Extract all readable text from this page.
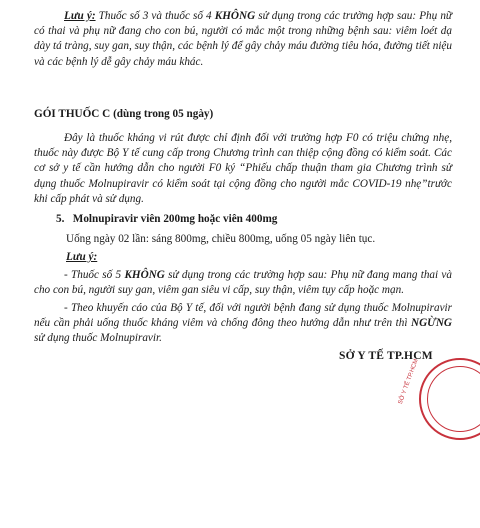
Lưu ý: Thuốc số 3 và thuốc số 4 KHÔNG sử dụng trong các trường hợp sau: Phụ nữ có thai và phụ nữ đang cho con bú, người có mắc một trong những bệnh sau: viêm loét dạ dày tá tràng, suy gan, suy thận, các bệnh lý để gây chảy máu đường tiêu hóa, đường tiết niệu và các bệnh lý dễ gây chảy máu khác.

GÓI THUỐC C (dùng trong 05 ngày)

Đây là thuốc kháng vi rút được chỉ định đối với trường hợp F0 có triệu chứng nhẹ, thuốc này được Bộ Y tế cung cấp trong Chương trình can thiệp cộng đồng có kiểm soát. Các cơ sở y tế cần hướng dẫn cho người F0 ký “Phiếu chấp thuận tham gia Chương trình sử dụng thuốc Molnupiravir có kiểm soát tại cộng đồng cho người mắc COVID-19 nhẹ”trước khi cấp phát và sử dụng.

5. Molnupiravir viên 200mg hoặc viên 400mg

Uống ngày 02 lần: sáng 800mg, chiều 800mg, uống 05 ngày liên tục.

Lưu ý:

- Thuốc số 5 KHÔNG sử dụng trong các trường hợp sau: Phụ nữ đang mang thai và cho con bú, người suy gan, viêm gan siêu vi cấp, suy thận, viêm tụy cấp hoặc mạn.

- Theo khuyến cáo của Bộ Y tế, đối với người bệnh đang sử dụng thuốc Molnupiravir nếu cần phải uống thuốc kháng viêm và chống đông theo hướng dẫn như trên thì NGỪNG sử dụng thuốc Molnupiravir.

SỞ Y TẾ TP.HCM
SỞ Y TẾ TP.HCM
